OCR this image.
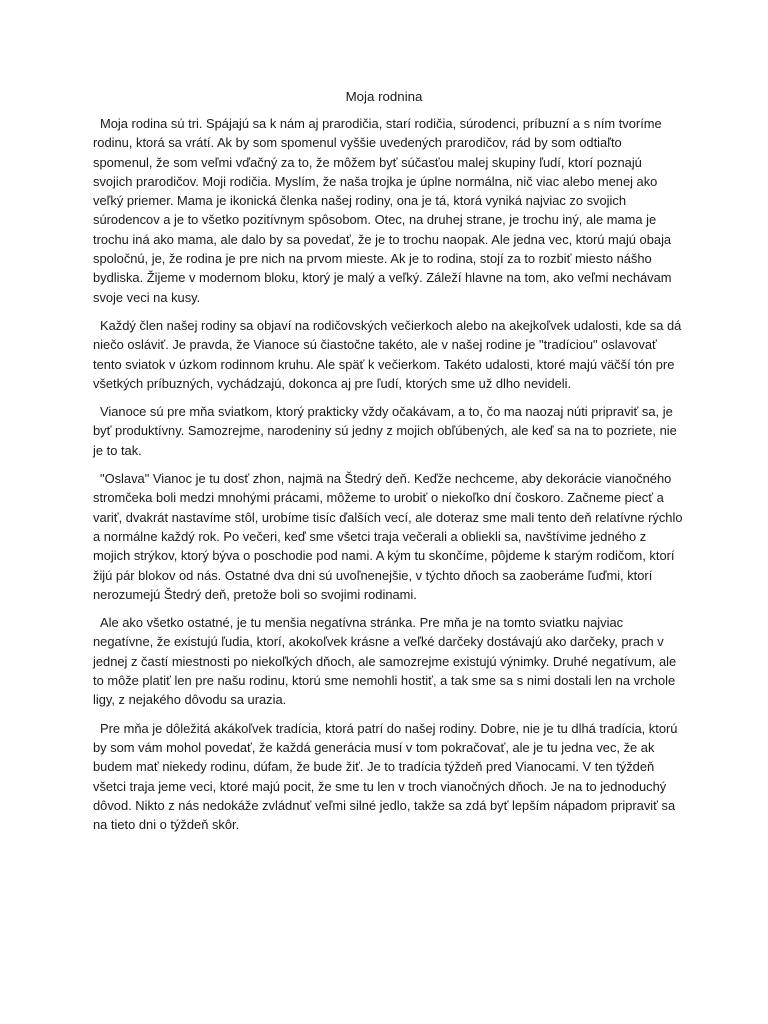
Moja rodnina

Moja rodina sú tri. Spájajú sa k nám aj prarodičia, starí rodičia, súrodenci, príbuzní a s ním tvoríme rodinu, ktorá sa vrátí. Ak by som spomenul vyššie uvedených prarodičov, rád by som odtiaľto spomenul, že som veľmi vďačný za to, že môžem byť súčasťou malej skupiny ľudí, ktorí poznajú svojich prarodičov. Moji rodičia. Myslím, že naša trojka je úplne normálna, nič viac alebo menej ako veľký priemer. Mama je ikonická členka našej rodiny, ona je tá, ktorá vyniká najviac zo svojich súrodencov a je to všetko pozitívnym spôsobom. Otec, na druhej strane, je trochu iný, ale mama je trochu iná ako mama, ale dalo by sa povedať, že je to trochu naopak. Ale jedna vec, ktorú majú obaja spoločnú, je, že rodina je pre nich na prvom mieste. Ak je to rodina, stojí za to rozbiť miesto nášho bydliska. Žijeme v modernom bloku, ktorý je malý a veľký. Záleží hlavne na tom, ako veľmi nechávam svoje veci na kusy.

Každý člen našej rodiny sa objaví na rodičovských večierkoch alebo na akejkoľvek udalosti, kde sa dá niečo osláviť. Je pravda, že Vianoce sú čiastočne takéto, ale v našej rodine je "tradíciou" oslavovať tento sviatok v úzkom rodinnom kruhu. Ale späť k večierkom. Takéto udalosti, ktoré majú väčší tón pre všetkých príbuzných, vychádzajú, dokonca aj pre ľudí, ktorých sme už dlho nevideli.

Vianoce sú pre mňa sviatkom, ktorý prakticky vždy očakávam, a to, čo ma naozaj núti pripraviť sa, je byť produktívny. Samozrejme, narodeniny sú jedny z mojich obľúbených, ale keď sa na to pozriete, nie je to tak.

"Oslava" Vianoc je tu dosť zhon, najmä na Štedrý deň. Keďže nechceme, aby dekorácie vianočného stromčeka boli medzi mnohými prácami, môžeme to urobiť o niekoľko dní čoskoro. Začneme piecť a variť, dvakrát nastavíme stôl, urobíme tisíc ďalších vecí, ale doteraz sme mali tento deň relatívne rýchlo a normálne každý rok. Po večeri, keď sme všetci traja večerali a obliekli sa, navštívime jedného z mojich strýkov, ktorý býva o poschodie pod nami. A kým tu skončíme, pôjdeme k starým rodičom, ktorí žijú pár blokov od nás. Ostatné dva dni sú uvoľnenejšie, v týchto dňoch sa zaoberáme ľuďmi, ktorí nerozumejú Štedrý deň, pretože boli so svojimi rodinami.

Ale ako všetko ostatné, je tu menšia negatívna stránka. Pre mňa je na tomto sviatku najviac negatívne, že existujú ľudia, ktorí, akokoľvek krásne a veľké darčeky dostávajú ako darčeky, prach v jednej z častí miestnosti po niekoľkých dňoch, ale samozrejme existujú výnimky. Druhé negatívum, ale to môže platiť len pre našu rodinu, ktorú sme nemohli hostiť, a tak sme sa s nimi dostali len na vrchole ligy, z nejakého dôvodu sa urazia.

Pre mňa je dôležitá akákoľvek tradícia, ktorá patrí do našej rodiny. Dobre, nie je tu dlhá tradícia, ktorú by som vám mohol povedať, že každá generácia musí v tom pokračovať, ale je tu jedna vec, že ak budem mať niekedy rodinu, dúfam, že bude žiť. Je to tradícia týždeň pred Vianocami. V ten týždeň všetci traja jeme veci, ktoré majú pocit, že sme tu len v troch vianočných dňoch. Je na to jednoduchý dôvod. Nikto z nás nedokáže zvládnuť veľmi silné jedlo, takže sa zdá byť lepším nápadom pripraviť sa na tieto dni o týždeň skôr.
